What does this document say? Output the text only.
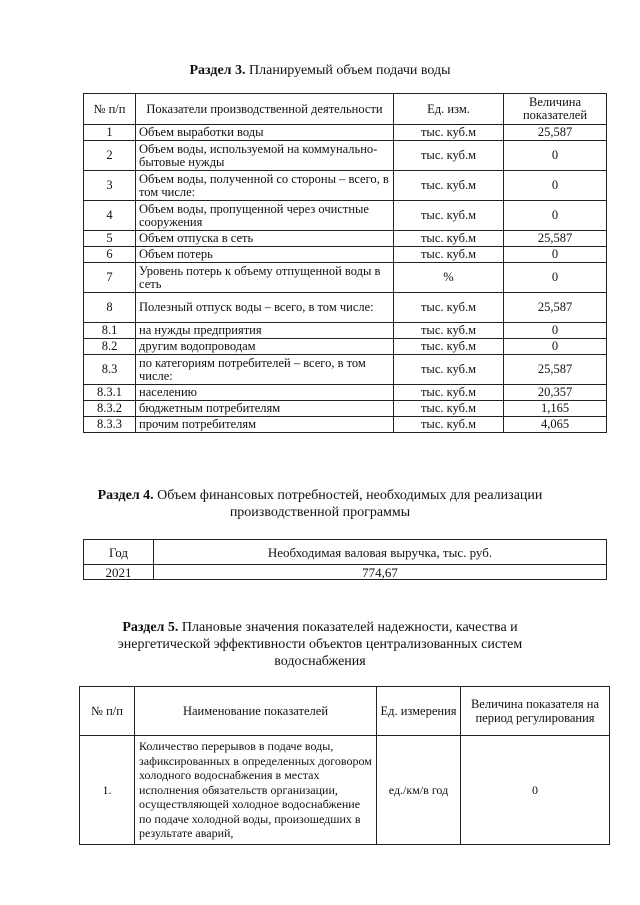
Раздел 3. Планируемый объем подачи воды
№ п/п	Показатели производственной деятельности	Ед. изм.	Величина показателей
1	Объем выработки воды	тыс. куб.м	25,587
2	Объем воды, используемой на коммунально-бытовые нужды	тыс. куб.м	0
3	Объем воды, полученной со стороны – всего, в том числе:	тыс. куб.м	0
4	Объем воды, пропущенной через очистные сооружения	тыс. куб.м	0
5	Объем отпуска в сеть	тыс. куб.м	25,587
6	Объем потерь	тыс. куб.м	0
7	Уровень потерь к объему отпущенной воды в сеть	%	0
8	Полезный отпуск воды – всего, в том числе:	тыс. куб.м	25,587
8.1	на нужды предприятия	тыс. куб.м	0
8.2	другим водопроводам	тыс. куб.м	0
8.3	по категориям потребителей – всего, в том числе:	тыс. куб.м	25,587
8.3.1	населению	тыс. куб.м	20,357
8.3.2	бюджетным потребителям	тыс. куб.м	1,165
8.3.3	прочим потребителям	тыс. куб.м	4,065
Раздел 4. Объем финансовых потребностей, необходимых для реализации
производственной программы
Год	Необходимая валовая выручка, тыс. руб.
2021	774,67
Раздел 5. Плановые значения показателей надежности, качества и
энергетической эффективности объектов централизованных систем
водоснабжения
№ п/п	Наименование показателей	Ед. измерения	Величина показателя на период регулирования
1.	Количество перерывов в подаче воды, зафиксированных в определенных договором холодного водоснабжения в местах исполнения обязательств организации, осуществляющей холодное водоснабжение по подаче холодной воды, произошедших в результате аварий,	ед./км/в год	0
